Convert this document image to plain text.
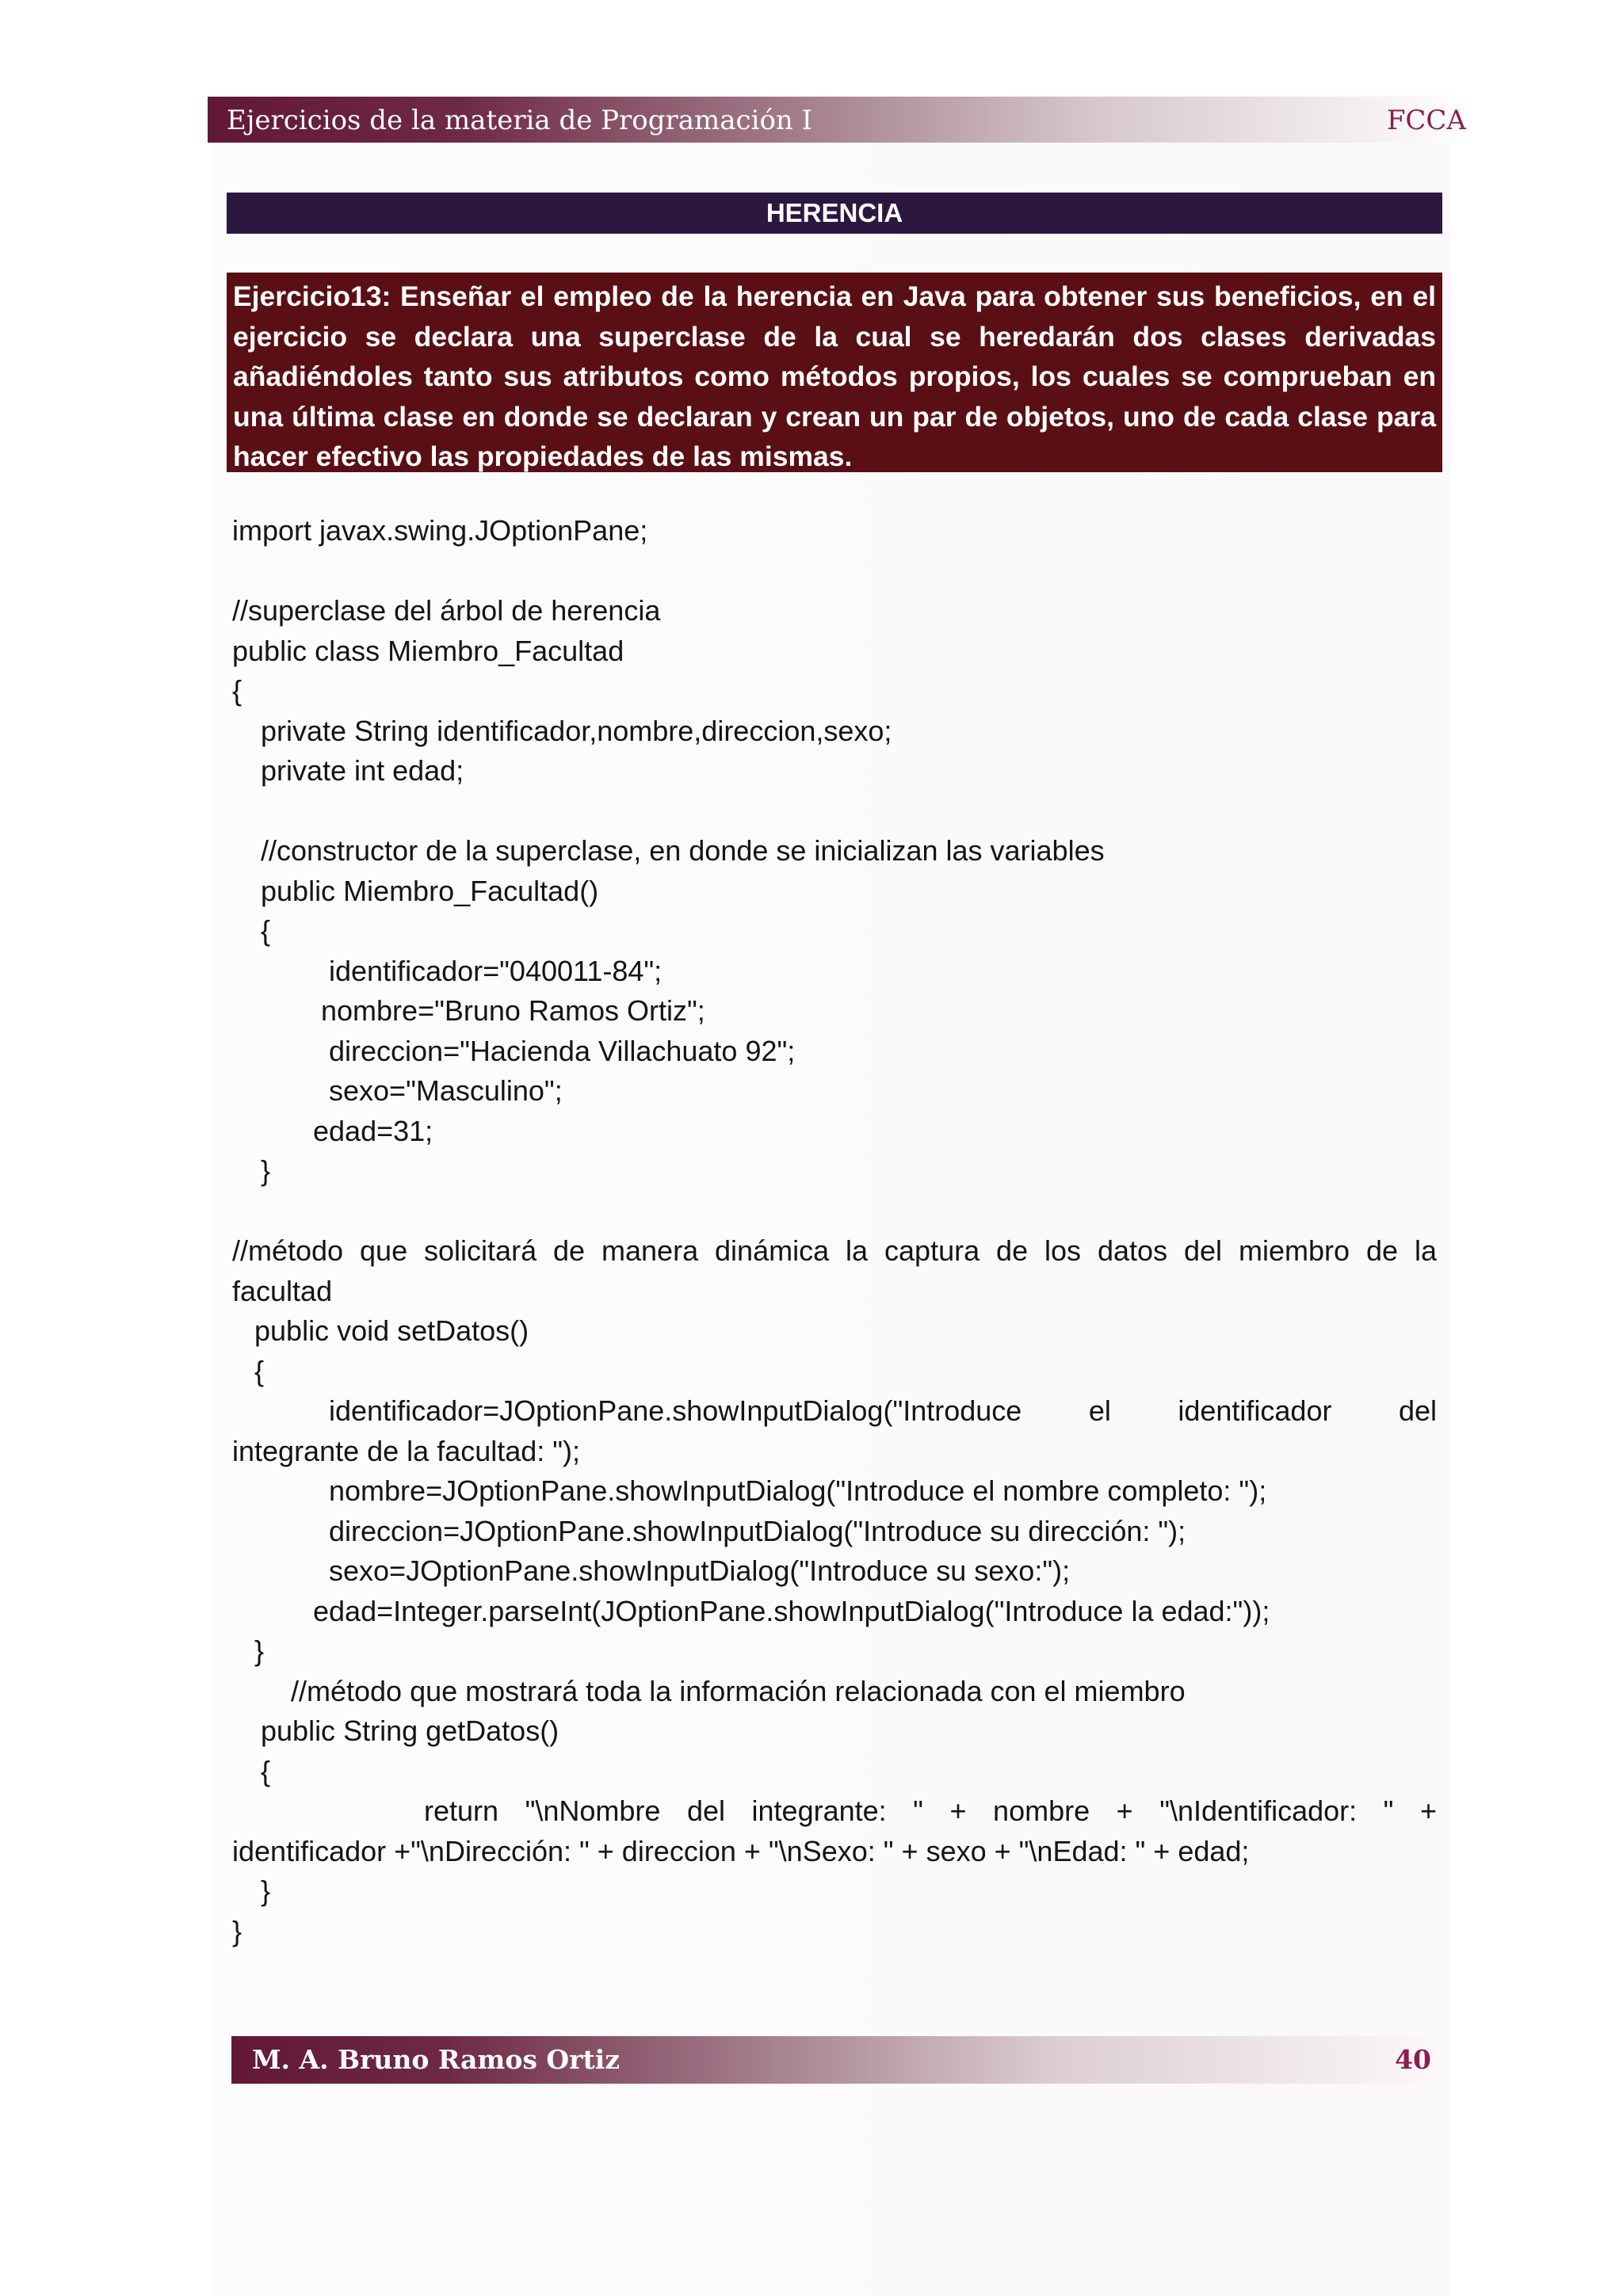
Ejercicios de la materia de Programación I	FCCA
HERENCIA

Ejercicio13: Enseñar el empleo de la herencia en Java para obtener sus beneficios, en el ejercicio se declara una superclase de la cual se heredarán dos clases derivadas añadiéndoles tanto sus atributos como métodos propios, los cuales se comprueban en una última clase en donde se declaran y crean un par de objetos, uno de cada clase para hacer efectivo las propiedades de las mismas.

import javax.swing.JOptionPane;
//superclase del árbol de herencia
public class Miembro_Facultad
{
private String identificador,nombre,direccion,sexo;
private int edad;
//constructor de la superclase, en donde se inicializan las variables
public Miembro_Facultad()
{
identificador="040011-84";
nombre="Bruno Ramos Ortiz";
direccion="Hacienda Villachuato 92";
sexo="Masculino";
edad=31;
}
//método que solicitará de manera dinámica la captura de los datos del miembro de la
facultad
public void setDatos()
{
identificador=JOptionPane.showInputDialog("Introduce el identificador del
integrante de la facultad: ");
nombre=JOptionPane.showInputDialog("Introduce el nombre completo: ");
direccion=JOptionPane.showInputDialog("Introduce su dirección: ");
sexo=JOptionPane.showInputDialog("Introduce su sexo:");
edad=Integer.parseInt(JOptionPane.showInputDialog("Introduce la edad:"));
}
//método que mostrará toda la información relacionada con el miembro
public String getDatos()
{
return "\nNombre del integrante: " + nombre + "\nIdentificador: " +
identificador +"\nDirección: " + direccion + "\nSexo: " + sexo + "\nEdad: " + edad;
}
}
M. A. Bruno Ramos Ortiz	40
